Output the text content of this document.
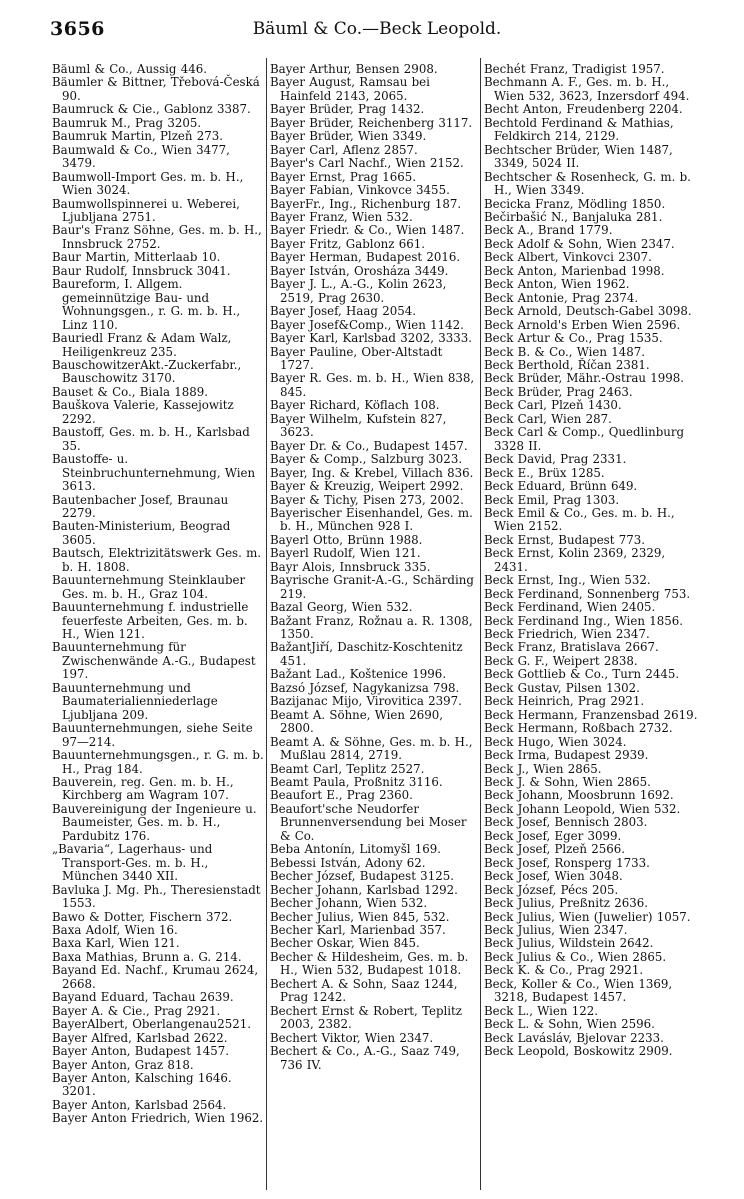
3656	Bäuml & Co.—Beck Leopold.

Bäuml & Co., Aussig 446.

Bäumler & Bittner, Třebová-Česká 90.

Baumruck & Cie., Gablonz 3387.

Baumruk M., Prag 3205.

Baumruk Martin, Plzeň 273.

Baumwald & Co., Wien 3477, 3479.

Baumwoll-Import Ges. m. b. H., Wien 3024.

Baumwollspinnerei u. Weberei, Ljubljana 2751.

Baur's Franz Söhne, Ges. m. b. H., Innsbruck 2752.

Baur Martin, Mitterlaab 10.

Baur Rudolf, Innsbruck 3041.

Baureform, I. Allgem. gemeinnützige Bau- und Wohnungsgen., r. G. m. b. H., Linz 110.

Bauriedl Franz & Adam Walz, Heiligenkreuz 235.

BauschowitzerAkt.-Zuckerfabr., Bauschowitz 3170.

Bauset & Co., Biala 1889.

Bauškova Valerie, Kassejowitz 2292.

Baustoff, Ges. m. b. H., Karlsbad 35.

Baustoffe- u. Steinbruchunternehmung, Wien 3613.

Bautenbacher Josef, Braunau 2279.

Bauten-Ministerium, Beograd 3605.

Bautsch, Elektrizitätswerk Ges. m. b. H. 1808.

Bauunternehmung Steinklauber Ges. m. b. H., Graz 104.

Bauunternehmung f. industrielle feuerfeste Arbeiten, Ges. m. b. H., Wien 121.

Bauunternehmung für Zwischenwände A.-G., Budapest 197.

Bauunternehmung und Baumaterialienniederlage Ljubljana 209.

Bauunternehmungen, siehe Seite 97—214.

Bauunternehmungsgen., r. G. m. b. H., Prag 184.

Bauverein, reg. Gen. m. b. H., Kirchberg am Wagram 107.

Bauvereinigung der Ingenieure u. Baumeister, Ges. m. b. H., Pardubitz 176.

„Bavaria“, Lagerhaus- und Transport-Ges. m. b. H., München 3440 XII.

Bavluka J. Mg. Ph., Theresienstadt 1553.

Bawo & Dotter, Fischern 372.

Baxa Adolf, Wien 16.

Baxa Karl, Wien 121.

Baxa Mathias, Brunn a. G. 214.

Bayand Ed. Nachf., Krumau 2624, 2668.

Bayand Eduard, Tachau 2639.

Bayer A. & Cie., Prag 2921.

BayerAlbert, Oberlangenau2521.

Bayer Alfred, Karlsbad 2622.

Bayer Anton, Budapest 1457.

Bayer Anton, Graz 818.

Bayer Anton, Kalsching 1646. 3201.

Bayer Anton, Karlsbad 2564.

Bayer Anton Friedrich, Wien 1962.

Bayer Arthur, Bensen 2908.

Bayer August, Ramsau bei Hainfeld 2143, 2065.

Bayer Brüder, Prag 1432.

Bayer Brüder, Reichenberg 3117.

Bayer Brüder, Wien 3349.

Bayer Carl, Aflenz 2857.

Bayer's Carl Nachf., Wien 2152.

Bayer Ernst, Prag 1665.

Bayer Fabian, Vinkovce 3455.

BayerFr., Ing., Richenburg 187.

Bayer Franz, Wien 532.

Bayer Friedr. & Co., Wien 1487.

Bayer Fritz, Gablonz 661.

Bayer Herman, Budapest 2016.

Bayer István, Orosháza 3449.

Bayer J. L., A.-G., Kolin 2623, 2519, Prag 2630.

Bayer Josef, Haag 2054.

Bayer Josef&Comp., Wien 1142.

Bayer Karl, Karlsbad 3202, 3333.

Bayer Pauline, Ober-Altstadt 1727.

Bayer R. Ges. m. b. H., Wien 838, 845.

Bayer Richard, Köflach 108.

Bayer Wilhelm, Kufstein 827, 3623.

Bayer Dr. & Co., Budapest 1457.

Bayer & Comp., Salzburg 3023.

Bayer, Ing. & Krebel, Villach 836.

Bayer & Kreuzig, Weipert 2992.

Bayer & Tichy, Pisen 273, 2002.

Bayerischer Eisenhandel, Ges. m. b. H., München 928 I.

Bayerl Otto, Brünn 1988.

Bayerl Rudolf, Wien 121.

Bayr Alois, Innsbruck 335.

Bayrische Granit-A.-G., Schärding 219.

Bazal Georg, Wien 532.

Bažant Franz, Rožnau a. R. 1308, 1350.

BažantJiří, Daschitz-Koschtenitz 451.

Bažant Lad., Koštenice 1996.

Bazsó József, Nagykanizsa 798.

Bazijanac Mijo, Virovitica 2397.

Beamt A. Söhne, Wien 2690, 2800.

Beamt A. & Söhne, Ges. m. b. H., Mußlau 2814, 2719.

Beamt Carl, Teplitz 2527.

Beamt Paula, Proßnitz 3116.

Beaufort E., Prag 2360.

Beaufort'sche Neudorfer Brunnenversendung bei Moser & Co.

Beba Antonín, Litomyšl 169.

Bebessi István, Adony 62.

Becher József, Budapest 3125.

Becher Johann, Karlsbad 1292.

Becher Johann, Wien 532.

Becher Julius, Wien 845, 532.

Becher Karl, Marienbad 357.

Becher Oskar, Wien 845.

Becher & Hildesheim, Ges. m. b. H., Wien 532, Budapest 1018.

Bechert A. & Sohn, Saaz 1244, Prag 1242.

Bechert Ernst & Robert, Teplitz 2003, 2382.

Bechert Viktor, Wien 2347.

Bechert & Co., A.-G., Saaz 749, 736 IV.

Bechét Franz, Tradigist 1957.

Bechmann A. F., Ges. m. b. H., Wien 532, 3623, Inzersdorf 494.

Becht Anton, Freudenberg 2204.

Bechtold Ferdinand & Mathias, Feldkirch 214, 2129.

Bechtscher Brüder, Wien 1487, 3349, 5024 II.

Bechtscher & Rosenheck, G. m. b. H., Wien 3349.

Becicka Franz, Mödling 1850.

Bečirbašić N., Banjaluka 281.

Beck A., Brand 1779.

Beck Adolf & Sohn, Wien 2347.

Beck Albert, Vinkovci 2307.

Beck Anton, Marienbad 1998.

Beck Anton, Wien 1962.

Beck Antonie, Prag 2374.

Beck Arnold, Deutsch-Gabel 3098.

Beck Arnold's Erben Wien 2596.

Beck Artur & Co., Prag 1535.

Beck B. & Co., Wien 1487.

Beck Berthold, Říčan 2381.

Beck Brüder, Mähr.-Ostrau 1998.

Beck Brüder, Prag 2463.

Beck Carl, Plzeň 1430.

Beck Carl, Wien 287.

Beck Carl & Comp., Quedlinburg 3328 II.

Beck David, Prag 2331.

Beck E., Brüx 1285.

Beck Eduard, Brünn 649.

Beck Emil, Prag 1303.

Beck Emil & Co., Ges. m. b. H., Wien 2152.

Beck Ernst, Budapest 773.

Beck Ernst, Kolin 2369, 2329, 2431.

Beck Ernst, Ing., Wien 532.

Beck Ferdinand, Sonnenberg 753.

Beck Ferdinand, Wien 2405.

Beck Ferdinand Ing., Wien 1856.

Beck Friedrich, Wien 2347.

Beck Franz, Bratislava 2667.

Beck G. F., Weipert 2838.

Beck Gottlieb & Co., Turn 2445.

Beck Gustav, Pilsen 1302.

Beck Heinrich, Prag 2921.

Beck Hermann, Franzensbad 2619.

Beck Hermann, Roßbach 2732.

Beck Hugo, Wien 3024.

Beck Irma, Budapest 2939.

Beck J., Wien 2865.

Beck J. & Sohn, Wien 2865.

Beck Johann, Moosbrunn 1692.

Beck Johann Leopold, Wien 532.

Beck Josef, Bennisch 2803.

Beck Josef, Eger 3099.

Beck Josef, Plzeň 2566.

Beck Josef, Ronsperg 1733.

Beck Josef, Wien 3048.

Beck József, Pécs 205.

Beck Julius, Preßnitz 2636.

Beck Julius, Wien (Juwelier) 1057.

Beck Julius, Wien 2347.

Beck Julius, Wildstein 2642.

Beck Julius & Co., Wien 2865.

Beck K. & Co., Prag 2921.

Beck, Koller & Co., Wien 1369, 3218, Budapest 1457.

Beck L., Wien 122.

Beck L. & Sohn, Wien 2596.

Beck Lavásláv, Bjelovar 2233.

Beck Leopold, Boskowitz 2909.
